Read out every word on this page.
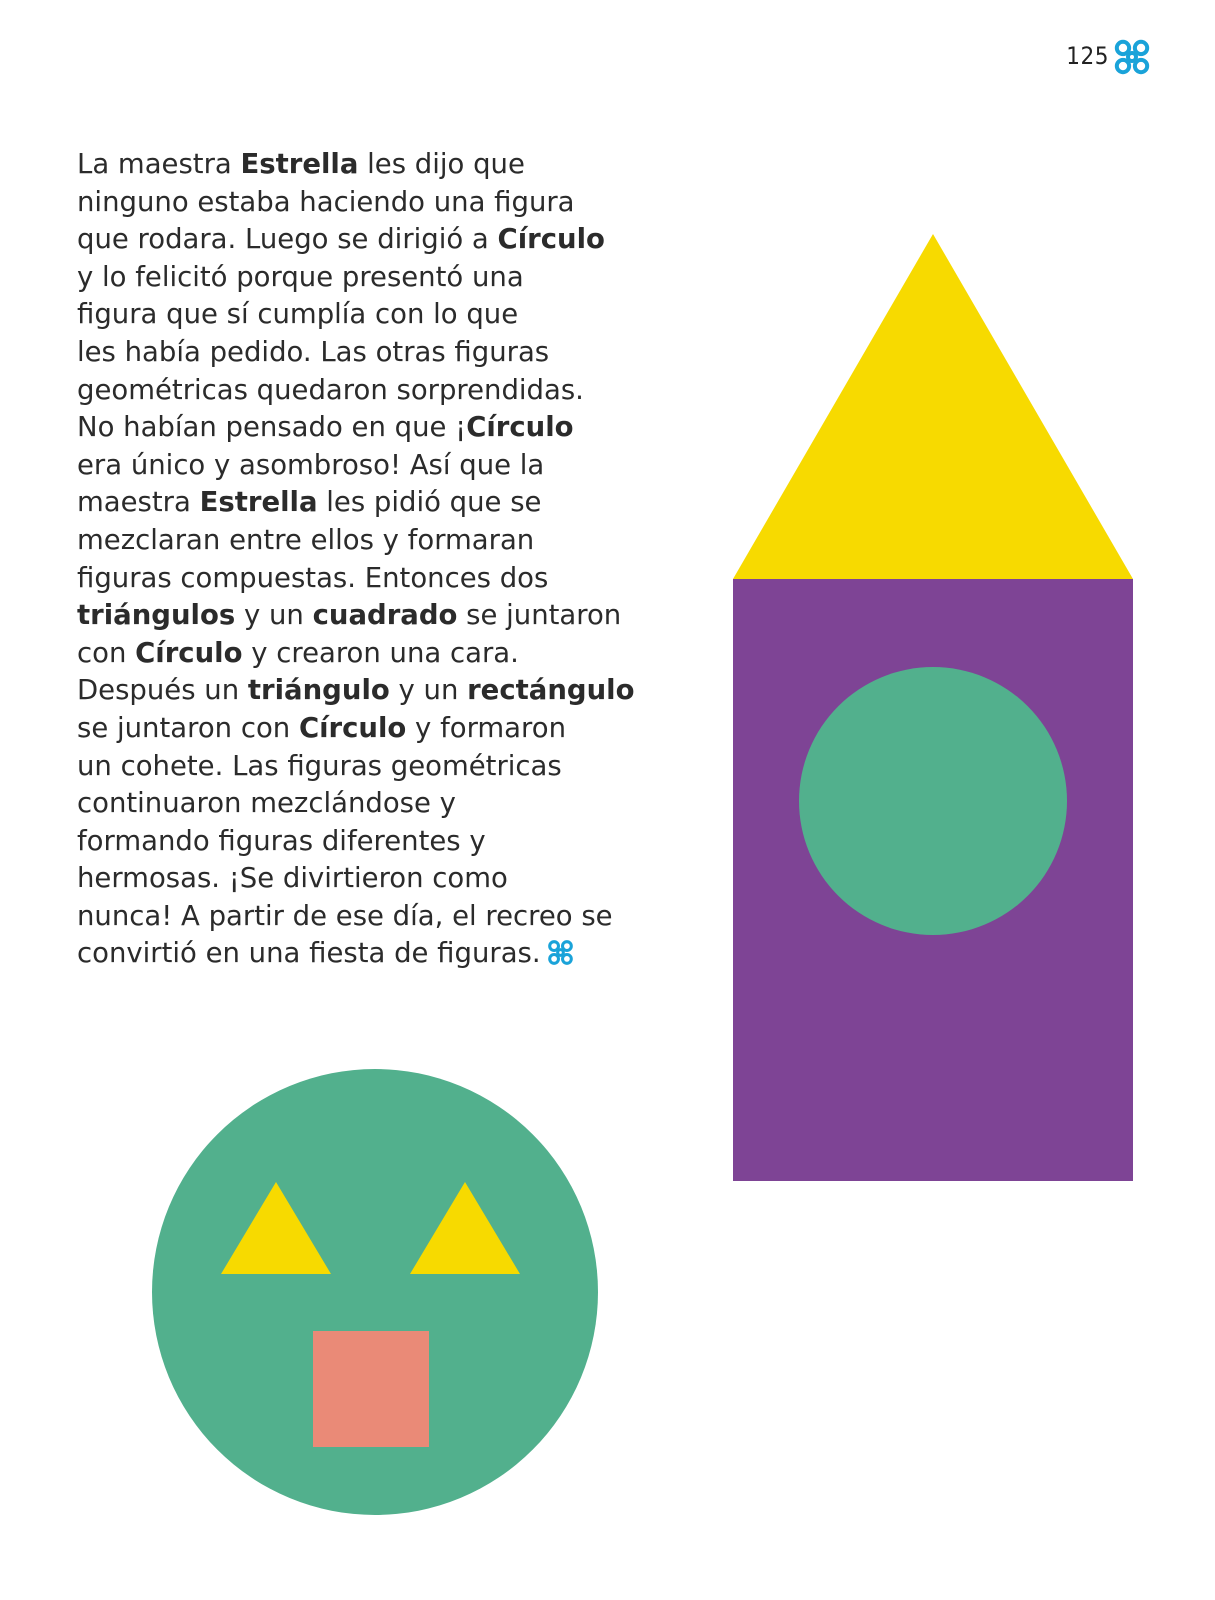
125
La maestra Estrella les dijo que
ninguno estaba haciendo una figura
que rodara. Luego se dirigió a Círculo
y lo felicitó porque presentó una
figura que sí cumplía con lo que
les había pedido. Las otras figuras
geométricas quedaron sorprendidas.
No habían pensado en que ¡Círculo
era único y asombroso! Así que la
maestra Estrella les pidió que se
mezclaran entre ellos y formaran
figuras compuestas. Entonces dos
triángulos y un cuadrado se juntaron
con Círculo y crearon una cara.
Después un triángulo y un rectángulo
se juntaron con Círculo y formaron
un cohete. Las figuras geométricas
continuaron mezclándose y
formando figuras diferentes y
hermosas. ¡Se divirtieron como
nunca! A partir de ese día, el recreo se
convirtió en una fiesta de figuras.
